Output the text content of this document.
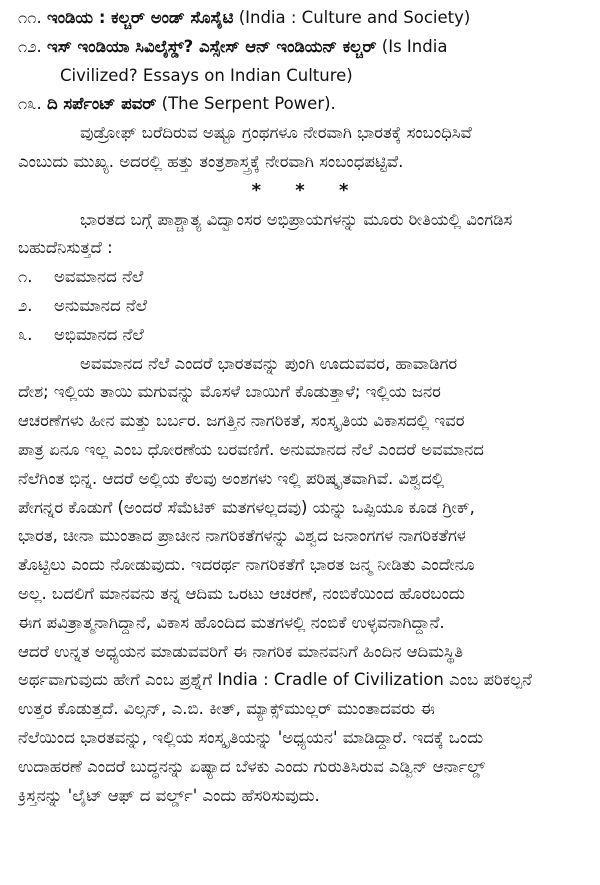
೧೧. ಇಂಡಿಯ : ಕಲ್ಚರ್ ಅಂಡ್ ಸೊಸೈಟಿ (India : Culture and Society)
೧೨. ಇಸ್ ಇಂಡಿಯಾ ಸಿವಿಲೈಸ್ಡ್? ಎಸ್ಸೇಸ್ ಆನ್ ಇಂಡಿಯನ್ ಕಲ್ಚರ್ (Is India
Civilized? Essays on Indian Culture)
೧೩. ದಿ ಸರ್ಪೆಂಟ್ ಪವರ್ (The Serpent Power).
ವುಡ್ರೋಫ್ ಬರೆದಿರುವ ಅಷ್ಟೂ ಗ್ರಂಥಗಳೂ ನೇರವಾಗಿ ಭಾರತಕ್ಕೆ ಸಂಬಂಧಿಸಿವೆ
ಎಂಬುದು ಮುಖ್ಯ. ಅದರಲ್ಲಿ ಹತ್ತು ತಂತ್ರಶಾಸ್ತ್ರಕ್ಕೆ ನೇರವಾಗಿ ಸಂಬಂಧಪಟ್ಟಿವೆ.
* * *
ಭಾರತದ ಬಗ್ಗೆ ಪಾಶ್ಚಾತ್ಯ ವಿದ್ವಾಂಸರ ಅಭಿಪ್ರಾಯಗಳನ್ನು ಮೂರು ರೀತಿಯಲ್ಲಿ ವಿಂಗಡಿಸ
ಬಹುದೆನಿಸುತ್ತದೆ :
೧. ಅವಮಾನದ ನೆಲೆ
೨. ಅನುಮಾನದ ನೆಲೆ
೩. ಅಭಿಮಾನದ ನೆಲೆ
ಅವಮಾನದ ನೆಲೆ ಎಂದರೆ ಭಾರತವನ್ನು ಪುಂಗಿ ಊದುವವರ, ಹಾವಾಡಿಗರ
ದೇಶ; ಇಲ್ಲಿಯ ತಾಯಿ ಮಗುವನ್ನು ಮೊಸಳೆ ಬಾಯಿಗೆ ಕೊಡುತ್ತಾಳೆ; ಇಲ್ಲಿಯ ಜನರ
ಆಚರಣೆಗಳು ಹೀನ ಮತ್ತು ಬರ್ಬರ. ಜಗತ್ತಿನ ನಾಗರಿಕತೆ, ಸಂಸ್ಕೃತಿಯ ವಿಕಾಸದಲ್ಲಿ ಇವರ
ಪಾತ್ರ ಏನೂ ಇಲ್ಲ ಎಂಬ ಧೋರಣೆಯ ಬರವಣಿಗೆ. ಅನುಮಾನದ ನೆಲೆ ಎಂದರೆ ಅವಮಾನದ
ನೆಲೆಗಿಂತ ಭಿನ್ನ. ಆದರೆ ಅಲ್ಲಿಯ ಕೆಲವು ಅಂಶಗಳು ಇಲ್ಲಿ ಪರಿಷ್ಕೃತವಾಗಿವೆ. ವಿಶ್ವದಲ್ಲಿ
ಪೇಗನ್ನರ ಕೊಡುಗೆ (ಅಂದರೆ ಸೆಮೆಟಿಕ್ ಮತಗಳಲ್ಲದವು) ಯನ್ನು ಒಪ್ಪಿಯೂ ಕೂಡ ಗ್ರೀಕ್,
ಭಾರತ, ಚೀನಾ ಮುಂತಾದ ಪ್ರಾಚೀನ ನಾಗರಿಕತೆಗಳನ್ನು ವಿಶ್ವದ ಜನಾಂಗಗಳ ನಾಗರಿಕತೆಗಳ
ತೊಟ್ಟಿಲು ಎಂದು ನೋಡುವುದು. ಇದರರ್ಥ ನಾಗರಿಕತೆಗೆ ಭಾರತ ಜನ್ಮ ನೀಡಿತು ಎಂದೇನೂ
ಅಲ್ಲ. ಬದಲಿಗೆ ಮಾನವನು ತನ್ನ ಆದಿಮ ಒರಟು ಆಚರಣೆ, ನಂಬಿಕೆಯಿಂದ ಹೊರಬಂದು
ಈಗ ಪವಿತ್ರಾತ್ಮನಾಗಿದ್ದಾನೆ, ವಿಕಾಸ ಹೊಂದಿದ ಮತಗಳಲ್ಲಿ ನಂಬಿಕೆ ಉಳ್ಳವನಾಗಿದ್ದಾನೆ.
ಆದರೆ ಉನ್ನತ ಅಧ್ಯಯನ ಮಾಡುವವರಿಗೆ ಈ ನಾಗರಿಕ ಮಾನವನಿಗೆ ಹಿಂದಿನ ಆದಿಮಸ್ಥಿತಿ
ಅರ್ಥವಾಗುವುದು ಹೇಗೆ ಎಂಬ ಪ್ರಶ್ನೆಗೆ India : Cradle of Civilization ಎಂಬ ಪರಿಕಲ್ಪನೆ
ಉತ್ತರ ಕೊಡುತ್ತದೆ. ವಿಲ್ಸನ್, ಎ.ಬಿ. ಕೀತ್, ಮ್ಯಾಕ್ಸ್‌ಮುಲ್ಲರ್ ಮುಂತಾದವರು ಈ
ನೆಲೆಯಿಂದ ಭಾರತವನ್ನು, ಇಲ್ಲಿಯ ಸಂಸ್ಕೃತಿಯನ್ನು 'ಅಧ್ಯಯನ' ಮಾಡಿದ್ದಾರೆ. ಇದಕ್ಕೆ ಒಂದು
ಉದಾಹರಣೆ ಎಂದರೆ ಬುದ್ಧನನ್ನು ಏಷ್ಯಾದ ಬೆಳಕು ಎಂದು ಗುರುತಿಸಿರುವ ಎಡ್ವಿನ್ ಆರ್ನಾಲ್ಡ್
ಕ್ರಿಸ್ತನನ್ನು 'ಲೈಟ್ ಆಫ್ ದ ವರ್ಲ್ಡ್' ಎಂದು ಹೆಸರಿಸುವುದು.
